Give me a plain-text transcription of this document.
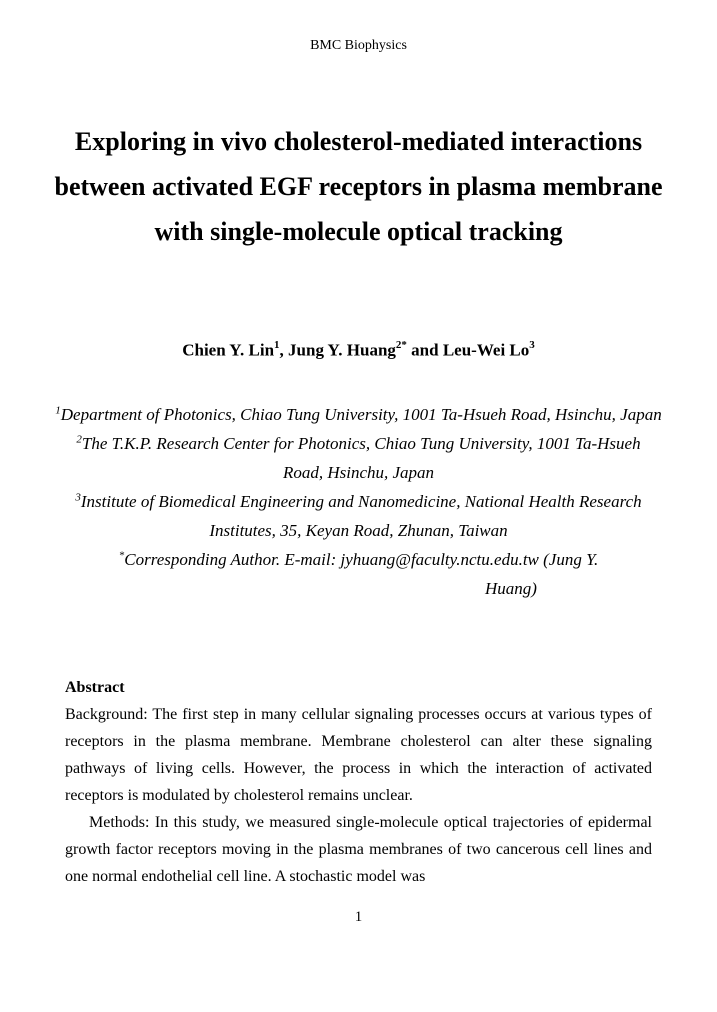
BMC Biophysics
Exploring in vivo cholesterol-mediated interactions between activated EGF receptors in plasma membrane with single-molecule optical tracking
Chien Y. Lin$^1$, Jung Y. Huang$^{2*}$ and Leu-Wei Lo$^3$
$^1$Department of Photonics, Chiao Tung University, 1001 Ta-Hsueh Road, Hsinchu, Japan
$^2$The T.K.P. Research Center for Photonics, Chiao Tung University, 1001 Ta-Hsueh Road, Hsinchu, Japan
$^3$Institute of Biomedical Engineering and Nanomedicine, National Health Research Institutes, 35, Keyan Road, Zhunan, Taiwan
*Corresponding Author. E-mail: jyhuang@faculty.nctu.edu.tw (Jung Y.
Huang)
Abstract

Background: The first step in many cellular signaling processes occurs at various types of receptors in the plasma membrane. Membrane cholesterol can alter these signaling pathways of living cells. However, the process in which the interaction of activated receptors is modulated by cholesterol remains unclear.

Methods: In this study, we measured single-molecule optical trajectories of epidermal growth factor receptors moving in the plasma membranes of two cancerous cell lines and one normal endothelial cell line. A stochastic model was

1
